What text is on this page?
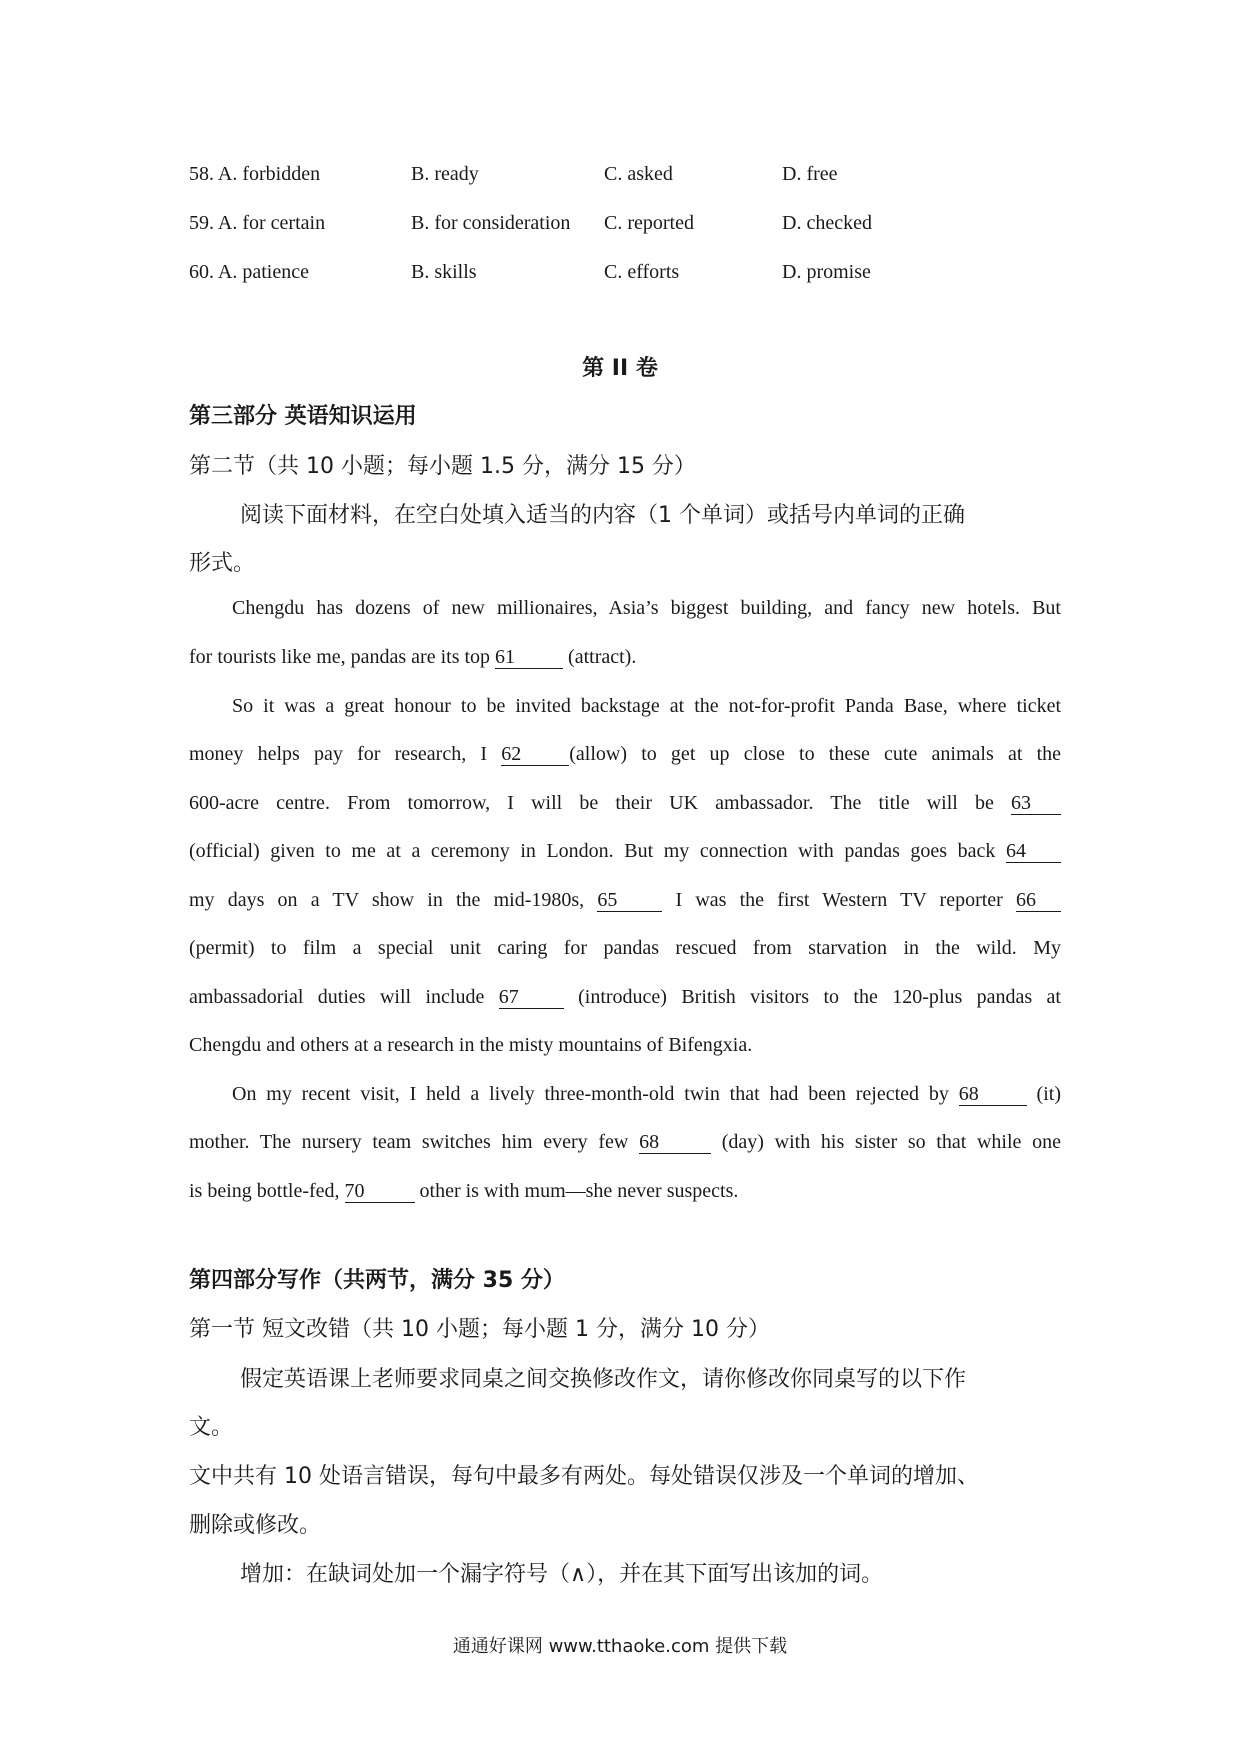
58. A. forbidden	B. ready	C. asked	D. free
59. A. for certain	B. for consideration C. reported	D. checked
60. A. patience	B. skills	C. efforts	D. promise
第 II 卷
第三部分 英语知识运用
第二节（共 10 小题；每小题 1.5 分，满分 15 分）
阅读下面材料，在空白处填入适当的内容（1 个单词）或括号内单词的正确
形式。
Chengdu has dozens of new millionaires, Asia’s biggest building, and fancy new hotels. But
for tourists like me, pandas are its top 61 (attract).
So it was a great honour to be invited backstage at the not-for-profit Panda Base, where ticket
money helps pay for research, I 62 (allow) to get up close to these cute animals at the
600-acre centre. From tomorrow, I will be their UK ambassador. The title will be 63
(official) given to me at a ceremony in London. But my connection with pandas goes back 64
my days on a TV show in the mid-1980s, 65 I was the first Western TV reporter 66
(permit) to film a special unit caring for pandas rescued from starvation in the wild. My
ambassadorial duties will include 67 (introduce) British visitors to the 120-plus pandas at
Chengdu and others at a research in the misty mountains of Bifengxia.
On my recent visit, I held a lively three-month-old twin that had been rejected by 68 (it)
mother. The nursery team switches him every few 68	(day) with his sister so that while one
is being bottle-fed, 70	other is with mum—she never suspects.
第四部分写作（共两节，满分 35 分）
第一节 短文改错（共 10 小题；每小题 1 分，满分 10 分）
假定英语课上老师要求同桌之间交换修改作文，请你修改你同桌写的以下作
文。
文中共有 10 处语言错误，每句中最多有两处。每处错误仅涉及一个单词的增加、
删除或修改。
增加：在缺词处加一个漏字符号（∧），并在其下面写出该加的词。
通通好课网 www.tthaoke.com 提供下载
